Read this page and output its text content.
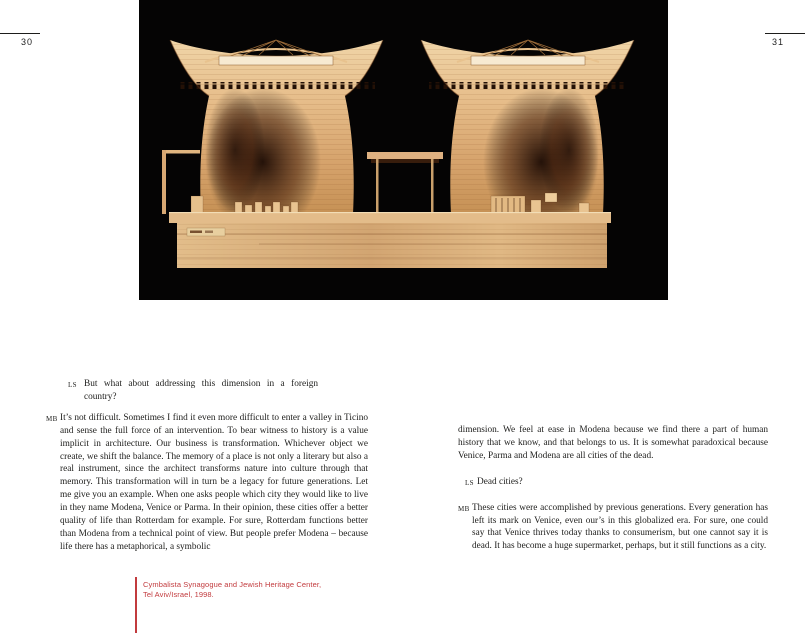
30	31
LS But what about addressing this dimension in a foreign country?
MB It’s not difficult. Sometimes I find it even more difficult to enter a valley in Ticino and sense the full force of an intervention. To bear witness to history is a value implicit in architecture. Our business is transformation. Whichever object we create, we shift the balance. The memory of a place is not only a literary but also a real instrument, since the architect transforms nature into culture through that memory. This transformation will in turn be a legacy for future generations. Let me give you an example. When one asks people which city they would like to live in they name Modena, Venice or Parma. In their opinion, these cities offer a better quality of life than Rotterdam for example. For sure, Rotterdam functions better than Modena from a technical point of view. But people prefer Modena – because life there has a metaphorical, a symbolic
dimension. We feel at ease in Modena because we find there a part of human history that we know, and that belongs to us. It is somewhat paradoxical because Venice, Parma and Modena are all cities of the dead.
LS Dead cities?
MB These cities were accomplished by previous generations. Every generation has left its mark on Venice, even our’s in this globalized era. For sure, one could say that Venice thrives today thanks to consumerism, but one cannot say it is dead. It has become a huge supermarket, perhaps, but it still functions as a city.
Cymbalista Synagogue and Jewish Heritage Center,
Tel Aviv/Israel, 1998.
